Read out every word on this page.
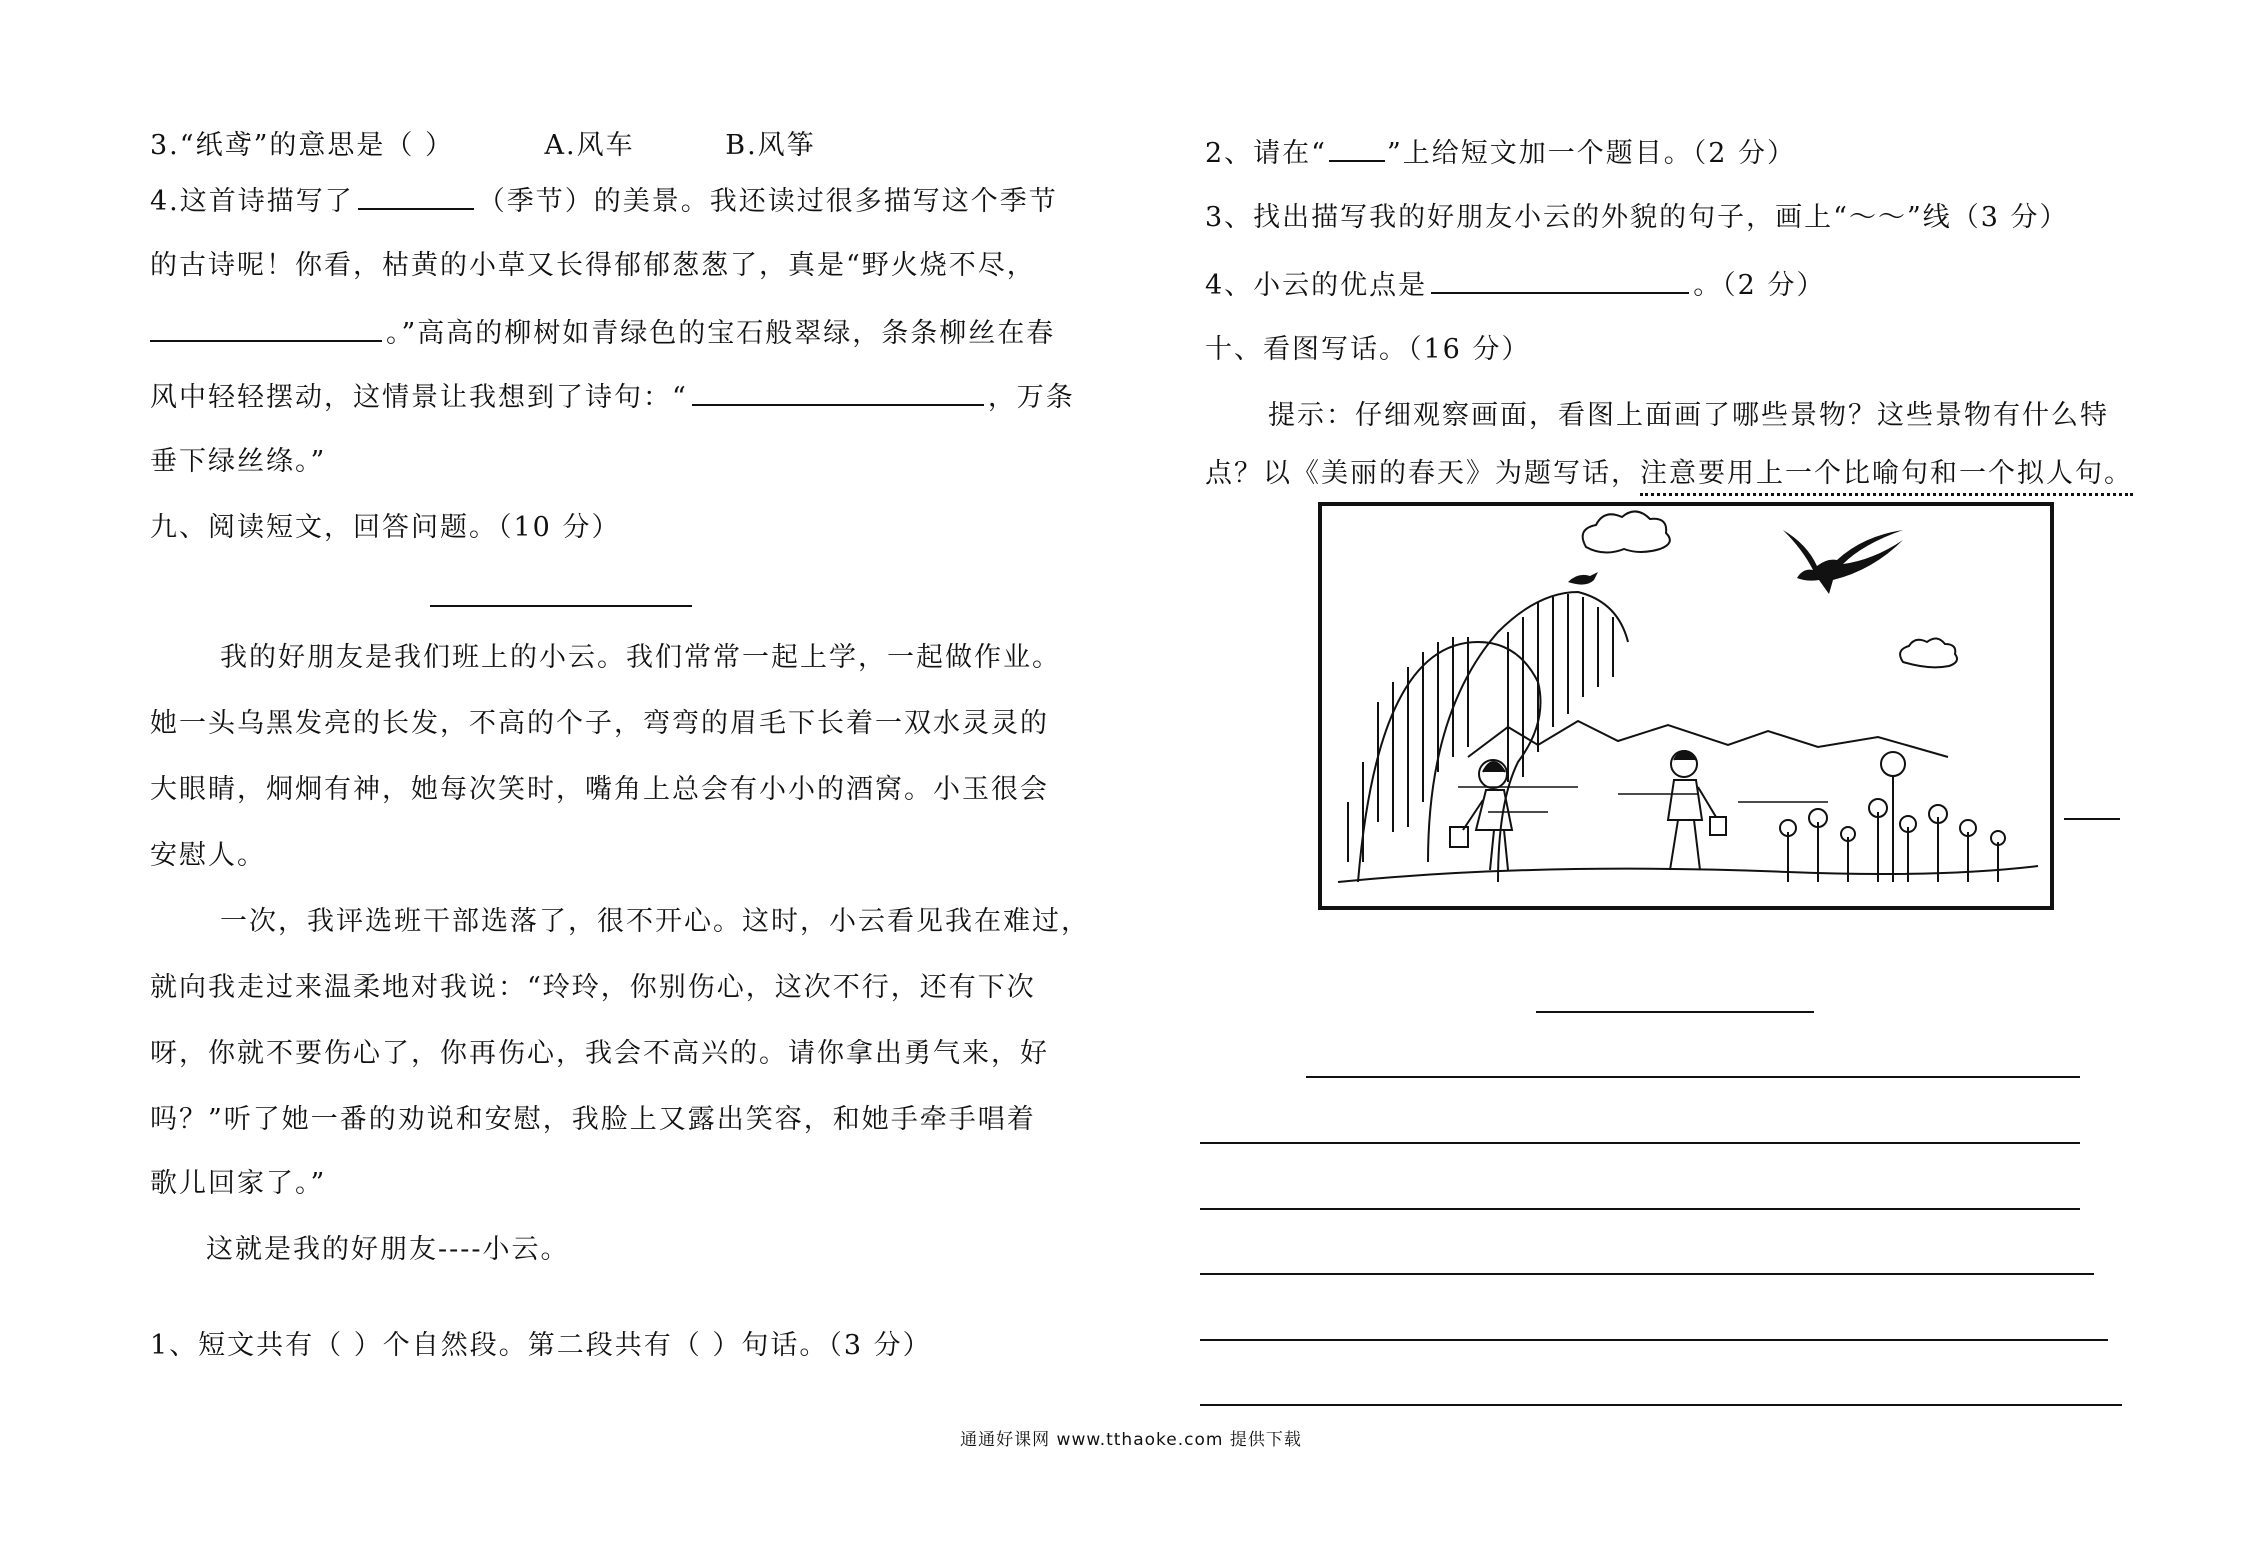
3.“纸鸢”的意思是（ ）	A.风车	B.风筝
4.这首诗描写了	（季节）的美景。我还读过很多描写这个季节
的古诗呢！你看，枯黄的小草又长得郁郁葱葱了，真是“野火烧不尽，
。”高高的柳树如青绿色的宝石般翠绿，条条柳丝在春
风中轻轻摆动，这情景让我想到了诗句：“	，万条
垂下绿丝绦。”
九、阅读短文，回答问题。（10 分）
我的好朋友是我们班上的小云。我们常常一起上学，一起做作业。
她一头乌黑发亮的长发，不高的个子，弯弯的眉毛下长着一双水灵灵的
大眼睛，炯炯有神，她每次笑时，嘴角上总会有小小的酒窝。小玉很会
安慰人。
一次，我评选班干部选落了，很不开心。这时，小云看见我在难过，
就向我走过来温柔地对我说：“玲玲，你别伤心，这次不行，还有下次
呀，你就不要伤心了，你再伤心，我会不高兴的。请你拿出勇气来，好
吗？”听了她一番的劝说和安慰，我脸上又露出笑容，和她手牵手唱着
歌儿回家了。”
这就是我的好朋友----小云。
1、短文共有（ ）个自然段。第二段共有（ ）句话。（3 分）
2、请在“ ”上给短文加一个题目。（2 分）
3、找出描写我的好朋友小云的外貌的句子，画上“～～”线（3 分）
4、小云的优点是	。（2 分）
十、看图写话。（16 分）
提示：仔细观察画面，看图上面画了哪些景物？这些景物有什么特
点？以《美丽的春天》为题写话，注意要用上一个比喻句和一个拟人句。
通通好课网 www.tthaoke.com 提供下载
